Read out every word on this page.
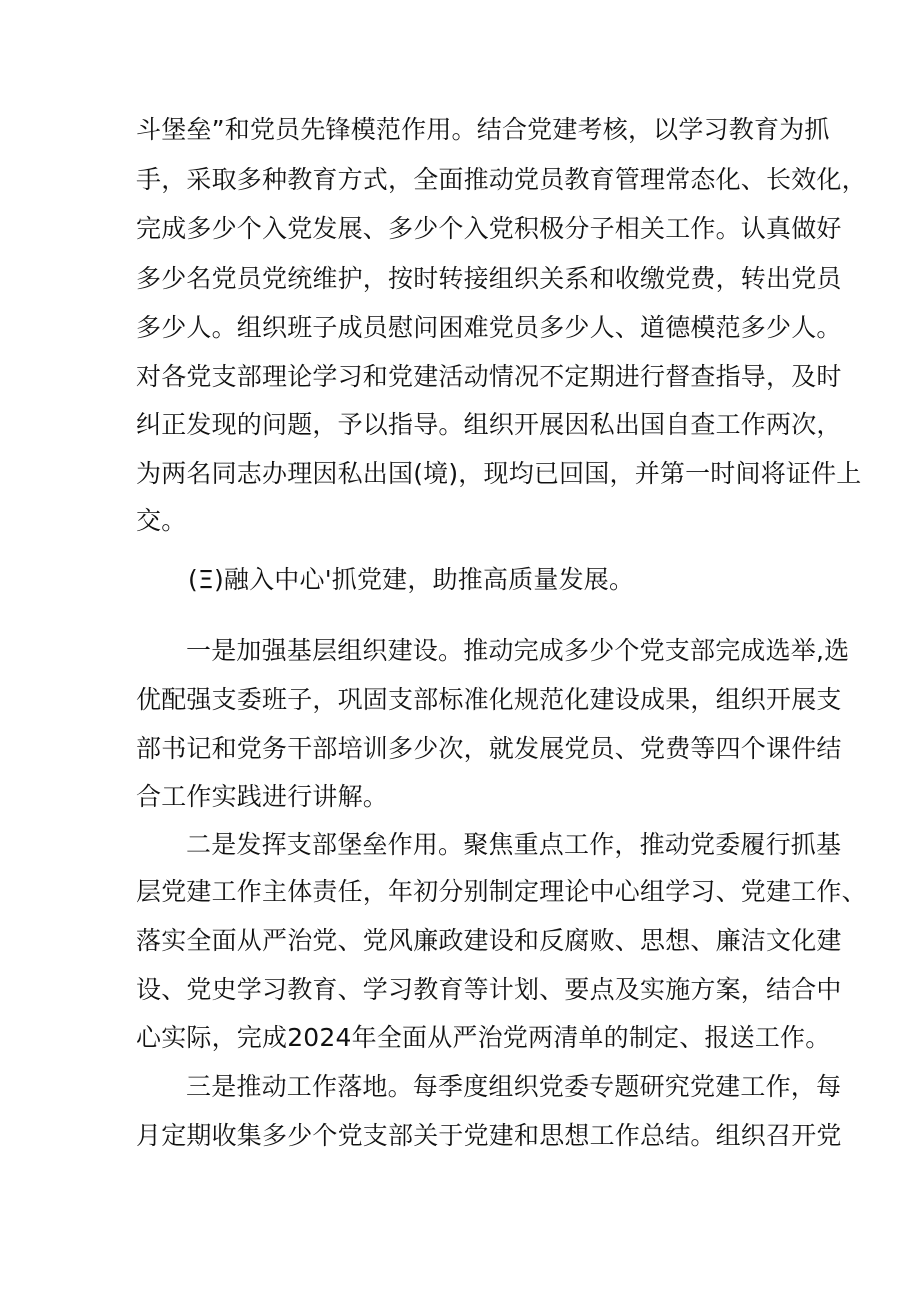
斗堡垒”和党员先锋模范作用。结合党建考核，以学习教育为抓
手，采取多种教育方式，全面推动党员教育管理常态化、长效化，
完成多少个入党发展、多少个入党积极分子相关工作。认真做好
多少名党员党统维护，按时转接组织关系和收缴党费，转出党员
多少人。组织班子成员慰问困难党员多少人、道德模范多少人。
对各党支部理论学习和党建活动情况不定期进行督查指导，及时
纠正发现的问题，予以指导。组织开展因私出国自查工作两次，
为两名同志办理因私出国(境)，现均已回国，并第一时间将证件上
交。
(Ξ)融入中心'抓党建，助推高质量发展。
一是加强基层组织建设。推动完成多少个党支部完成选举,选
优配强支委班子，巩固支部标准化规范化建设成果，组织开展支
部书记和党务干部培训多少次，就发展党员、党费等四个课件结
合工作实践进行讲解。
二是发挥支部堡垒作用。聚焦重点工作，推动党委履行抓基
层党建工作主体责任，年初分别制定理论中心组学习、党建工作、
落实全面从严治党、党风廉政建设和反腐败、思想、廉洁文化建
设、党史学习教育、学习教育等计划、要点及实施方案，结合中
心实际，完成2024年全面从严治党两清单的制定、报送工作。
三是推动工作落地。每季度组织党委专题研究党建工作，每
月定期收集多少个党支部关于党建和思想工作总结。组织召开党
